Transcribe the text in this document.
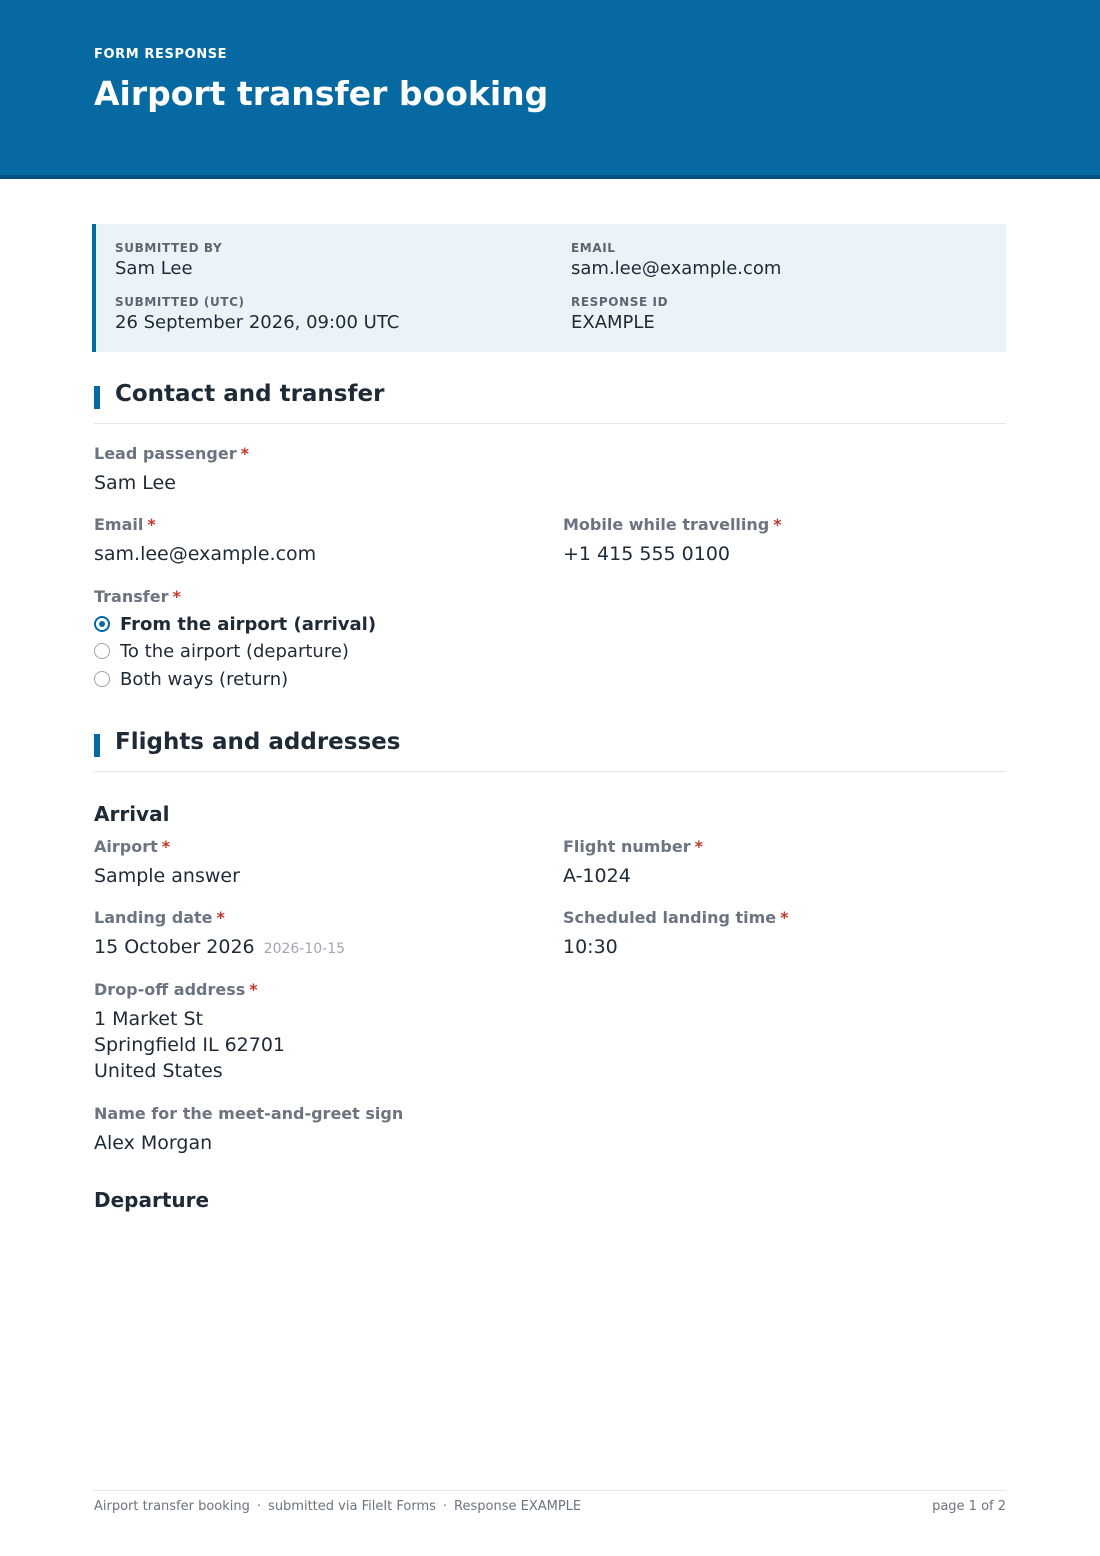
FORM RESPONSE
Airport transfer booking
SUBMITTED BY
Sam Lee
EMAIL
sam.lee@example.com
SUBMITTED (UTC)
26 September 2026, 09:00 UTC
RESPONSE ID
EXAMPLE
Contact and transfer
Lead passenger *
Sam Lee
Email *
sam.lee@example.com
Mobile while travelling *
+1 415 555 0100
Transfer *
From the airport (arrival)
To the airport (departure)
Both ways (return)
Flights and addresses
Arrival
Airport *
Sample answer
Flight number *
A-1024
Landing date *
15 October 2026 2026-10-15
Scheduled landing time *
10:30
Drop-off address *
1 Market St
Springfield IL 62701
United States
Name for the meet-and-greet sign
Alex Morgan
Departure
Airport transfer booking · submitted via FileIt Forms · Response EXAMPLE	page 1 of 2
